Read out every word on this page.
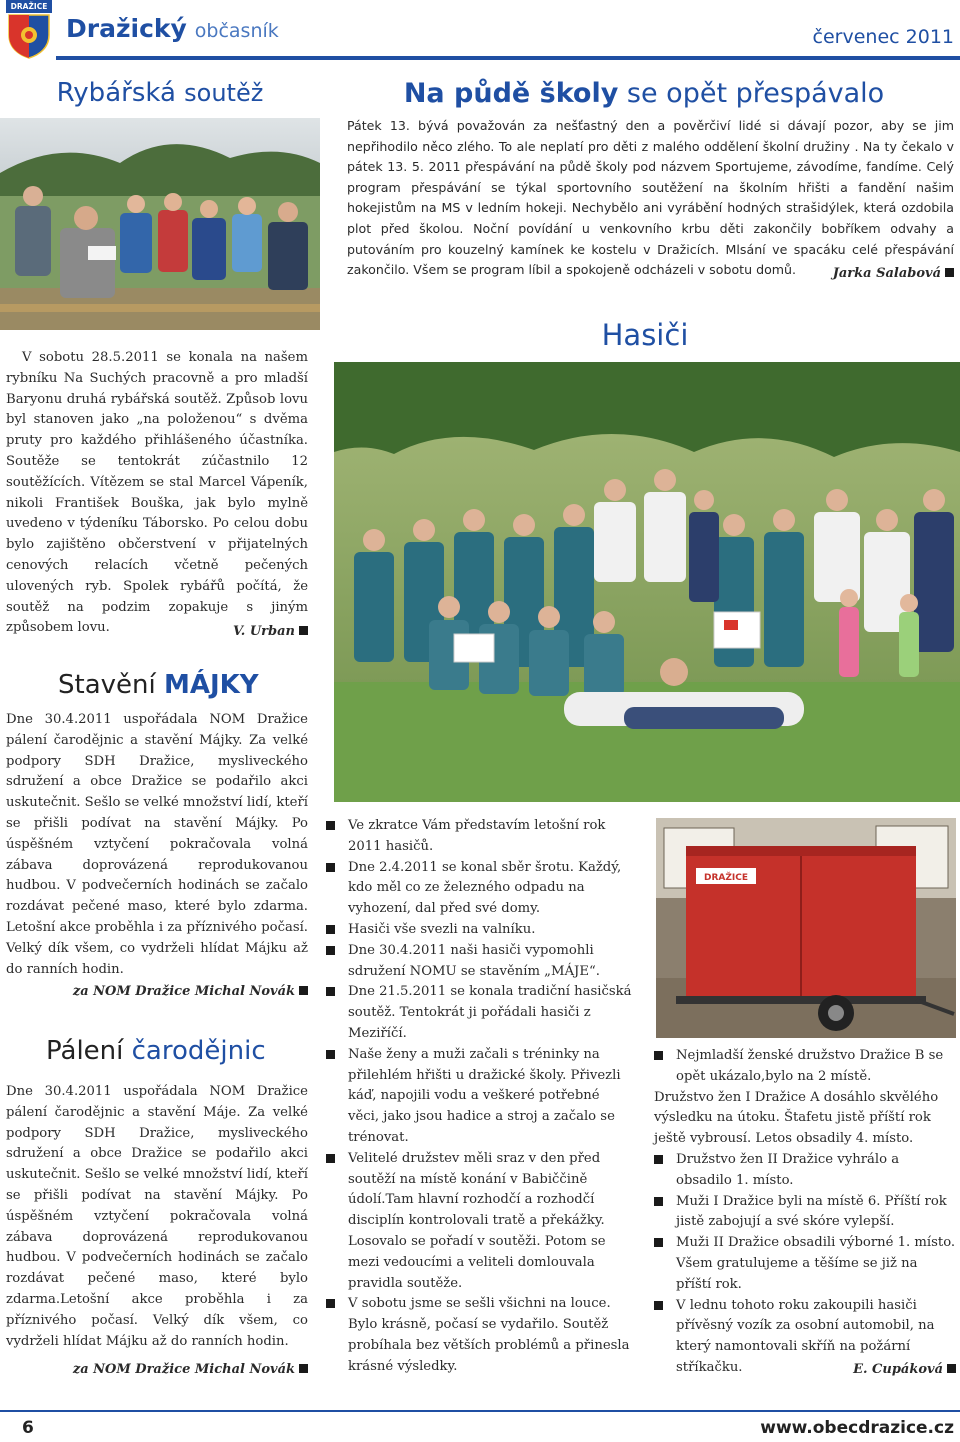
DRAŽICE
Dražický občasník	červenec 2011
Rybářská soutěž

V sobotu 28.5.2011 se konala na našem rybníku Na Suchých pracovně a pro mladší Baryonu druhá rybářská soutěž. Způsob lovu byl stanoven jako „na položenou“ s dvěma pruty pro každého přihlášeného účastníka. Soutěže se tentokrát zúčastnilo 12 soutěžících. Vítězem se stal Marcel Vápeník, nikoli František Bouška, jak bylo mylně uvedeno v týdeníku Táborsko. Po celou dobu bylo zajištěno občerstvení v přijatelných cenových relacích včetně pečených ulovených ryb. Spolek rybářů počítá, že soutěž na podzim zopakuje s jiným způsobem lovu.	V. Urban
Na půdě školy se opět přespávalo

Pátek 13. bývá považován za nešťastný den a pověrčiví lidé si dávají pozor, aby se jim nepřihodilo něco zlého. To ale neplatí pro děti z malého oddělení školní družiny . Na ty čekalo v pátek 13. 5. 2011 přespávání na půdě školy pod názvem Sportujeme, závodíme, fandíme. Celý program přespávání se týkal sportovního soutěžení na školním hřišti a fandění našim hokejistům na MS v ledním hokeji. Nechybělo ani vyrábění hodných strašidýlek, která ozdobila plot před školou. Noční povídání u venkovního krbu děti zakončily bobříkem odvahy a putováním pro kouzelný kamínek ke kostelu v Dražicích. Mlsání ve spacáku celé přespávání zakončilo. Všem se program líbil a spokojeně odcházeli v sobotu domů.	Jarka Salabová
Hasiči
Stavění MÁJKY

Dne 30.4.2011 uspořádala NOM Dražice pálení čarodějnic a stavění Májky. Za velké podpory SDH Dražice, mysliveckého sdružení a obce Dražice se podařilo akci uskutečnit. Sešlo se velké množství lidí, kteří se přišli podívat na stavění Májky. Po úspěšném vztyčení pokračovala volná zábava doprovázená reprodukovanou hudbou. V podvečerních hodinách se začalo rozdávat pečené maso, které bylo zdarma. Letošní akce proběhla i za příznivého počasí. Velký dík všem, co vydrželi hlídat Májku až do ranních hodin.

za NOM Dražice Michal Novák
Pálení čarodějnic

Dne 30.4.2011 uspořádala NOM Dražice pálení čarodějnic a stavění Máje. Za velké podpory SDH Dražice, mysliveckého sdružení a obce Dražice se podařilo akci uskutečnit. Sešlo se velké množství lidí, kteří se přišli podívat na stavění Májky. Po úspěšném vztyčení pokračovala volná zábava doprovázená reprodukovanou hudbou. V podvečerních hodinách se začalo rozdávat pečené maso, které bylo zdarma.Letošní akce proběhla i za příznivého počasí. Velký dík všem, co vydrželi hlídat Májku až do ranních hodin.

za NOM Dražice Michal Novák
Ve zkratce Vám představím letošní rok 2011 hasičů.
Dne 2.4.2011 se konal sběr šrotu. Každý, kdo měl co ze železného odpadu na vyhození, dal před své domy.
Hasiči vše svezli na valníku.
Dne 30.4.2011 naši hasiči vypomohli sdružení NOMU se stavěním „MÁJE“.
Dne 21.5.2011 se konala tradiční hasičská soutěž. Tentokrát ji pořádali hasiči z Meziříčí.
Naše ženy a muži začali s tréninky na přilehlém hřišti u dražické školy. Přivezli káď, napojili vodu a veškeré potřebné věci, jako jsou hadice a stroj a začalo se trénovat.
Velitelé družstev měli sraz v den před soutěží na místě konání v Babiččině údolí.Tam hlavní rozhodčí a rozhodčí disciplín kontrolovali tratě a překážky. Losovalo se pořadí v soutěži. Potom se mezi vedoucími a veliteli domlouvala pravidla soutěže.
V sobotu jsme se sešli všichni na louce. Bylo krásně, počasí se vydařilo. Soutěž probíhala bez větších problémů a přinesla krásné výsledky.
DRAŽICE
Nejmladší ženské družstvo Dražice B se opět ukázalo,bylo na 2 místě.
Družstvo žen I Dražice A dosáhlo skvělého výsledku na útoku. Štafetu jistě příští rok ještě vybrousí. Letos obsadily 4. místo.
Družstvo žen II Dražice vyhrálo a obsadilo 1. místo.
Muži I Dražice byli na místě 6. Příští rok jistě zabojují a své skóre vylepší.
Muži II Dražice obsadili výborné 1. místo. Všem gratulujeme a těšíme se již na příští rok.
V lednu tohoto roku zakoupili hasiči přívěsný vozík za osobní automobil, na který namontovali skříň na požární stříkačku.	E. Cupáková
6	www.obecdrazice.cz
